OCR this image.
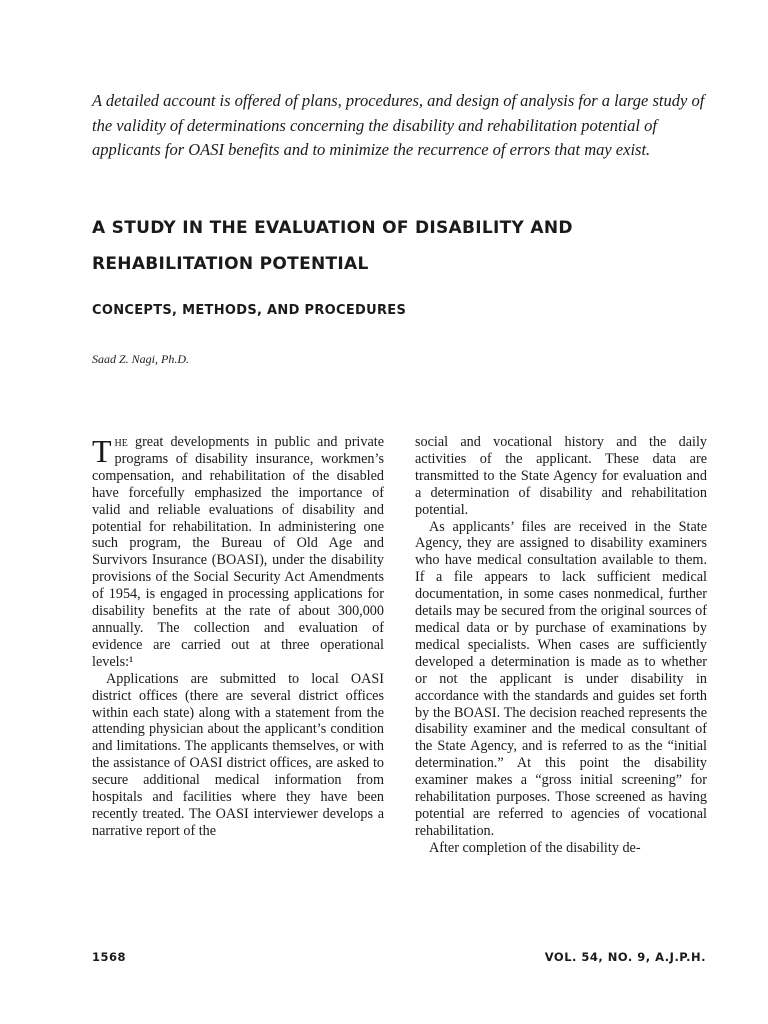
A detailed account is offered of plans, procedures, and design of analysis for a large study of the validity of determinations concerning the disability and rehabilitation potential of applicants for OASI benefits and to minimize the recurrence of errors that may exist.

A STUDY IN THE EVALUATION OF DISABILITY AND REHABILITATION POTENTIAL
CONCEPTS, METHODS, AND PROCEDURES

Saad Z. Nagi, Ph.D.

The great developments in public and private programs of disability insurance, workmen’s compensation, and rehabilitation of the disabled have forcefully emphasized the importance of valid and reliable evaluations of disability and potential for rehabilitation. In administering one such program, the Bureau of Old Age and Survivors Insurance (BOASI), under the disability provisions of the Social Security Act Amendments of 1954, is engaged in processing applications for disability benefits at the rate of about 300,000 annually. The collection and evaluation of evidence are carried out at three operational levels:¹

Applications are submitted to local OASI district offices (there are several district offices within each state) along with a statement from the attending physician about the applicant’s condition and limitations. The applicants themselves, or with the assistance of OASI district offices, are asked to secure additional medical information from hospitals and facilities where they have been recently treated. The OASI interviewer develops a narrative report of the

social and vocational history and the daily activities of the applicant. These data are transmitted to the State Agency for evaluation and a determination of disability and rehabilitation potential.

As applicants’ files are received in the State Agency, they are assigned to disability examiners who have medical consultation available to them. If a file appears to lack sufficient medical documentation, in some cases nonmedical, further details may be secured from the original sources of medical data or by purchase of examinations by medical specialists. When cases are sufficiently developed a determination is made as to whether or not the applicant is under disability in accordance with the standards and guides set forth by the BOASI. The decision reached represents the disability examiner and the medical consultant of the State Agency, and is referred to as the “initial determination.” At this point the disability examiner makes a “gross initial screening” for rehabilitation purposes. Those screened as having potential are referred to agencies of vocational rehabilitation.

After completion of the disability de-

1568	VOL. 54, NO. 9, A.J.P.H.
